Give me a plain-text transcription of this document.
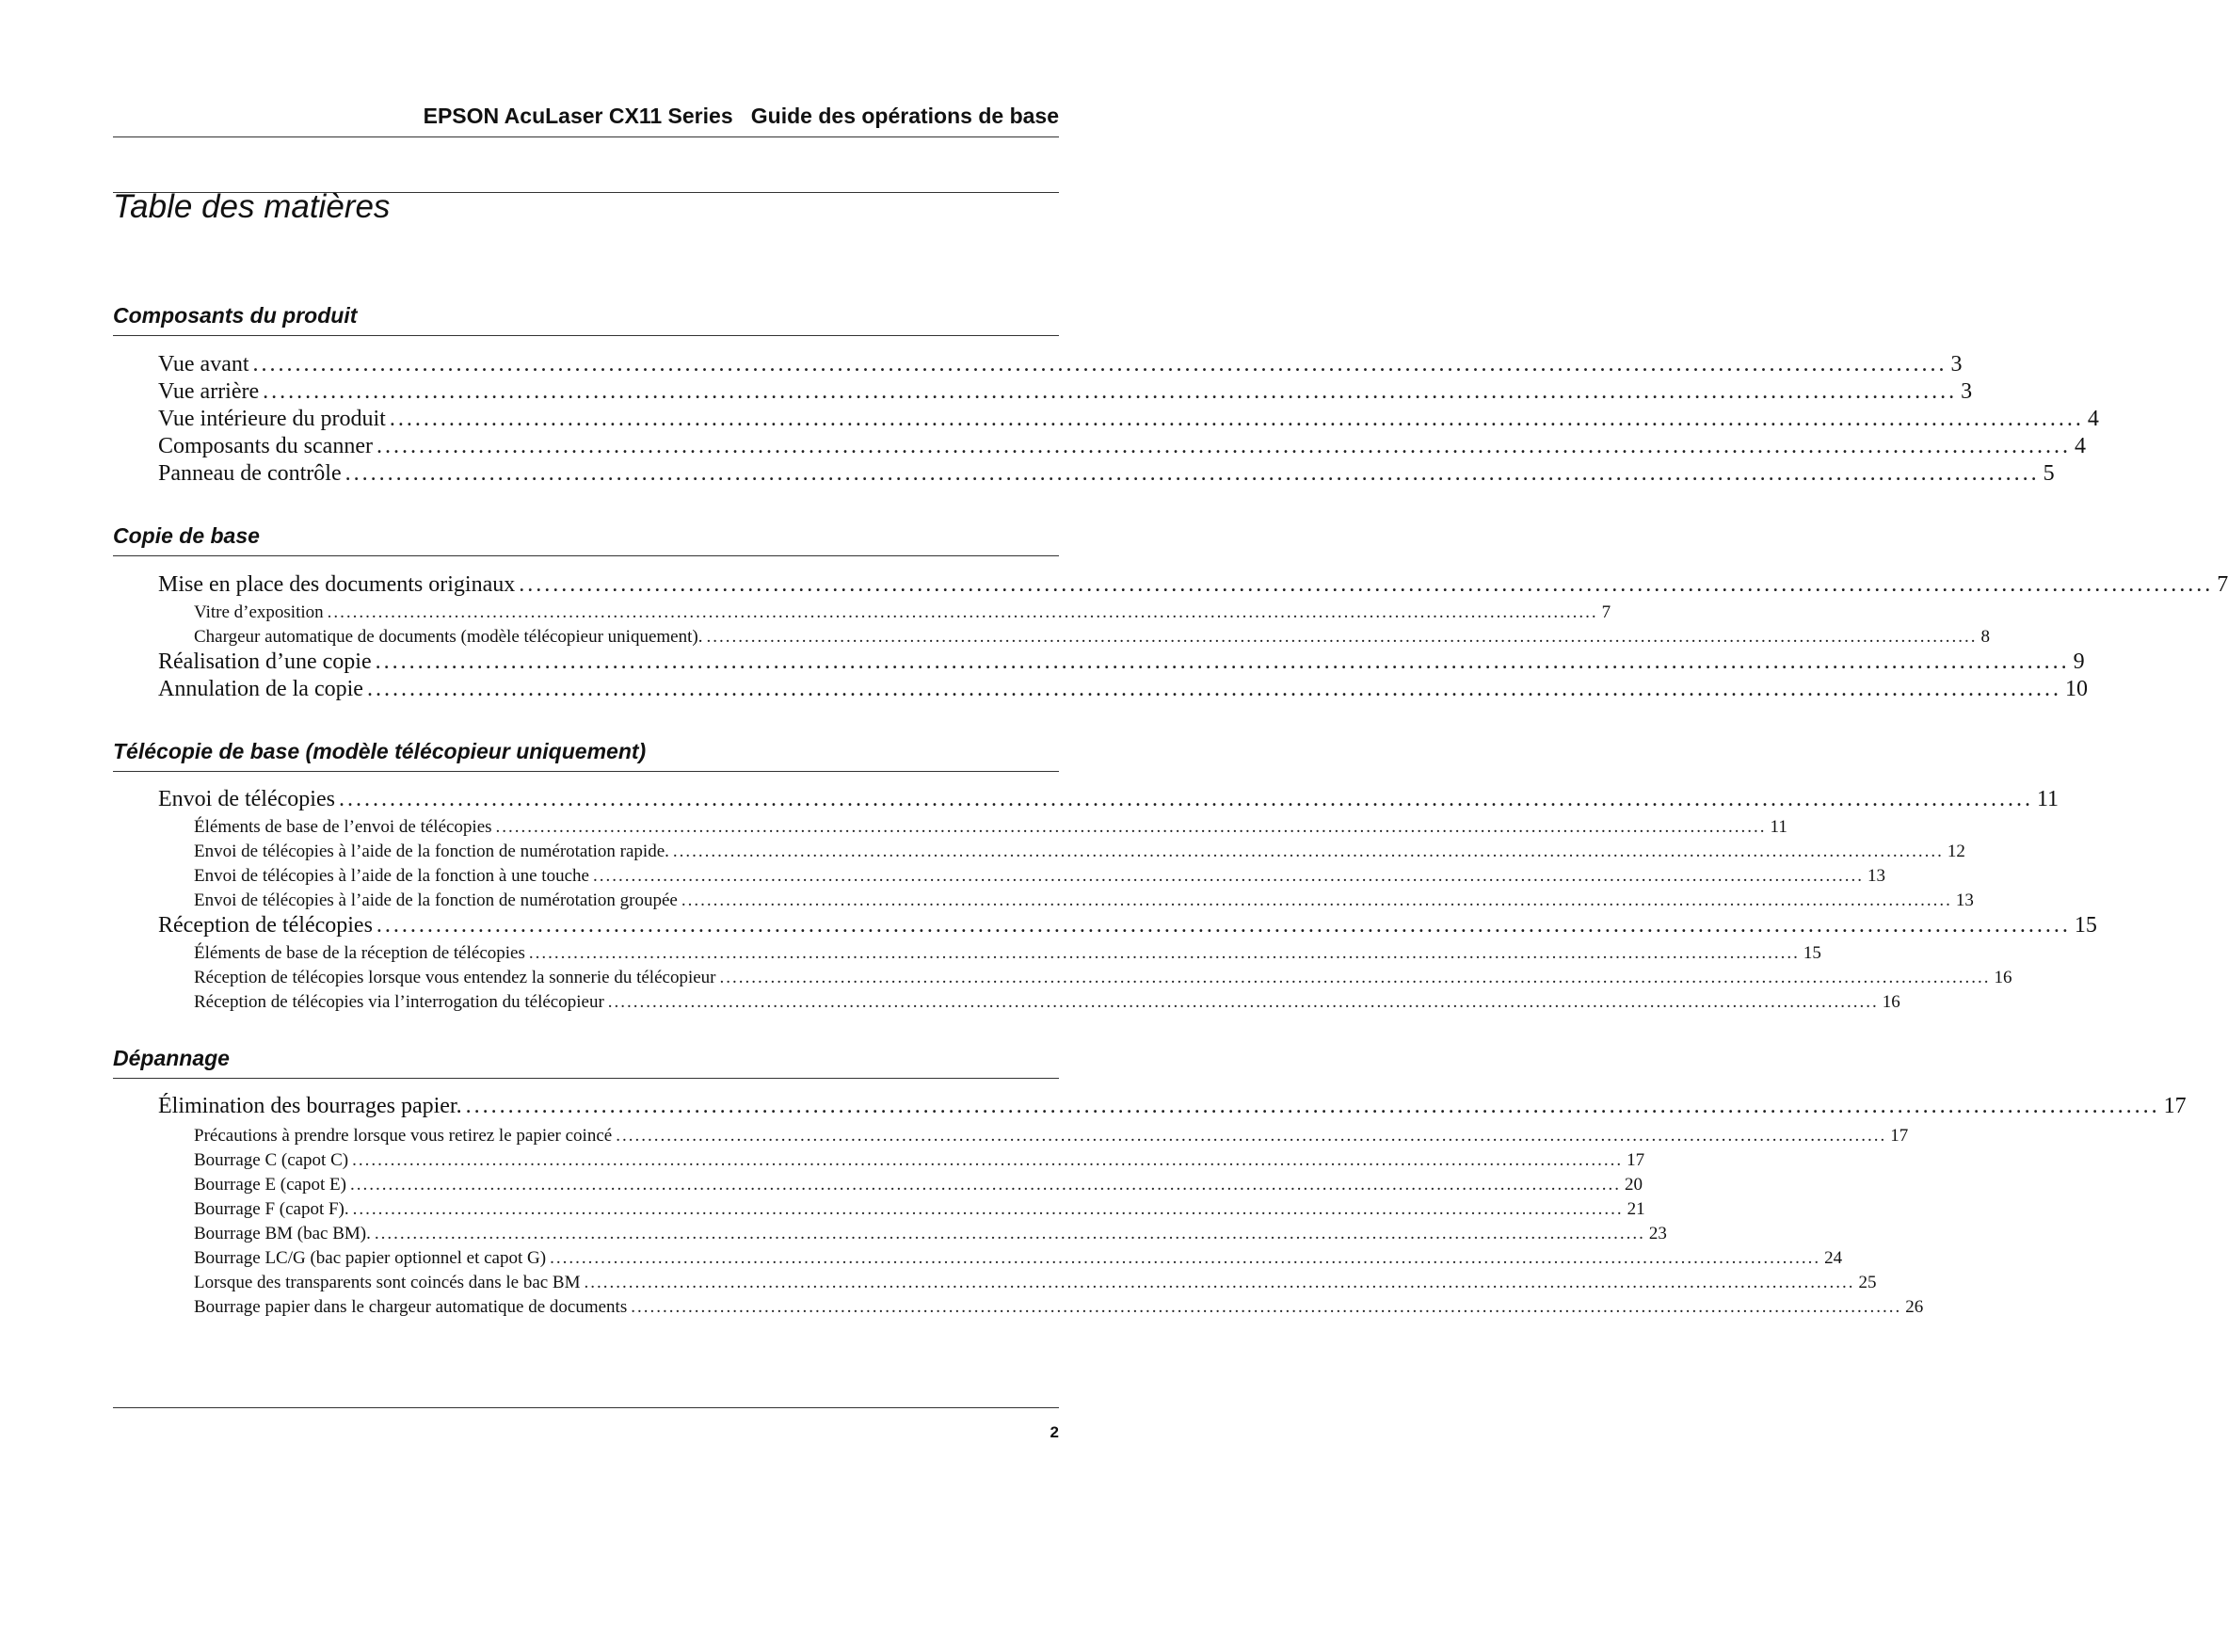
EPSON AcuLaser CX11 Series Guide des opérations de base
Table des matières
Composants du produit
Vue avant ........................................................................................................................................................................................................ 3
Vue arrière ........................................................................................................................................................................................................ 3
Vue intérieure du produit ........................................................................................................................................................................................................ 4
Composants du scanner ........................................................................................................................................................................................................ 4
Panneau de contrôle ........................................................................................................................................................................................................ 5
Copie de base
Mise en place des documents originaux ........................................................................................................................................................................................................ 7
Vitre d’exposition ........................................................................................................................................................................................................ 7
Chargeur automatique de documents (modèle télécopieur uniquement). ........................................................................................................................................................................................................ 8
Réalisation d’une copie ........................................................................................................................................................................................................ 9
Annulation de la copie ........................................................................................................................................................................................................ 10
Télécopie de base (modèle télécopieur uniquement)
Envoi de télécopies ........................................................................................................................................................................................................ 11
Éléments de base de l’envoi de télécopies ........................................................................................................................................................................................................ 11
Envoi de télécopies à l’aide de la fonction de numérotation rapide. ........................................................................................................................................................................................................ 12
Envoi de télécopies à l’aide de la fonction à une touche ........................................................................................................................................................................................................ 13
Envoi de télécopies à l’aide de la fonction de numérotation groupée ........................................................................................................................................................................................................ 13
Réception de télécopies ........................................................................................................................................................................................................ 15
Éléments de base de la réception de télécopies ........................................................................................................................................................................................................ 15
Réception de télécopies lorsque vous entendez la sonnerie du télécopieur ........................................................................................................................................................................................................ 16
Réception de télécopies via l’interrogation du télécopieur ........................................................................................................................................................................................................ 16
Dépannage
Élimination des bourrages papier. ........................................................................................................................................................................................................ 17
Précautions à prendre lorsque vous retirez le papier coincé ........................................................................................................................................................................................................ 17
Bourrage C (capot C) ........................................................................................................................................................................................................ 17
Bourrage E (capot E) ........................................................................................................................................................................................................ 20
Bourrage F (capot F). ........................................................................................................................................................................................................ 21
Bourrage BM (bac BM). ........................................................................................................................................................................................................ 23
Bourrage LC/G (bac papier optionnel et capot G) ........................................................................................................................................................................................................ 24
Lorsque des transparents sont coincés dans le bac BM ........................................................................................................................................................................................................ 25
Bourrage papier dans le chargeur automatique de documents ........................................................................................................................................................................................................ 26
2
